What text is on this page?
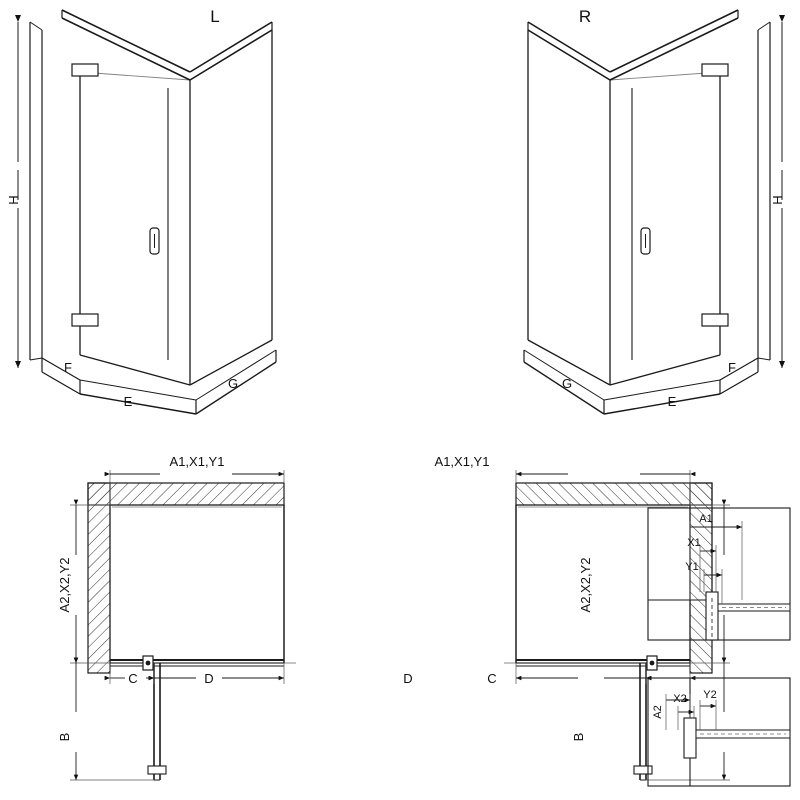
L
H
F
E
G
R
H
F
E
G
A1,X1,Y1
A2,X2,Y2
C	D
B
A1,X1,Y1
A2,X2,Y2
D	C
B
A1
X1
Y1
A2
X2 Y2
